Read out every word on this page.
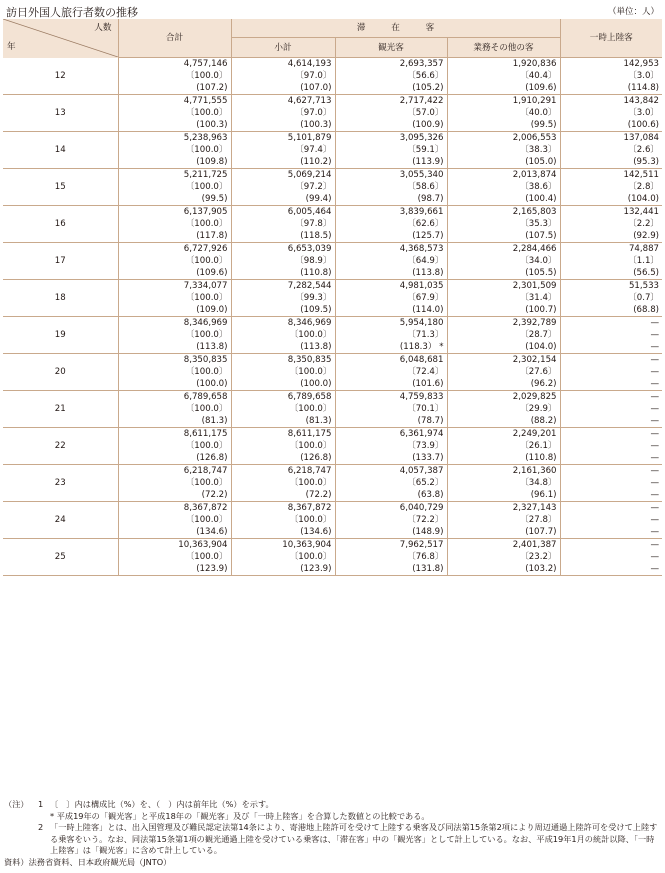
訪日外国人旅行者数の推移	（単位：人）
人数
年	合計	滞　　　在　　　客			一時上陸客
		小計	観光客	業務その他の客	
12	4,757,146	4,614,193	2,693,357	1,920,836	142,953
	〔100.0〕	〔97.0〕	〔56.6〕	〔40.4〕	〔3.0〕
	(107.2)	(107.0)	(105.2)	(109.6)	(114.8)
13	4,771,555	4,627,713	2,717,422	1,910,291	143,842
	〔100.0〕	〔97.0〕	〔57.0〕	〔40.0〕	〔3.0〕
	(100.3)	(100.3)	(100.9)	(99.5)	(100.6)
14	5,238,963	5,101,879	3,095,326	2,006,553	137,084
	〔100.0〕	〔97.4〕	〔59.1〕	〔38.3〕	〔2.6〕
	(109.8)	(110.2)	(113.9)	(105.0)	(95.3)
15	5,211,725	5,069,214	3,055,340	2,013,874	142,511
	〔100.0〕	〔97.2〕	〔58.6〕	〔38.6〕	〔2.8〕
	(99.5)	(99.4)	(98.7)	(100.4)	(104.0)
16	6,137,905	6,005,464	3,839,661	2,165,803	132,441
	〔100.0〕	〔97.8〕	〔62.6〕	〔35.3〕	〔2.2〕
	(117.8)	(118.5)	(125.7)	(107.5)	(92.9)
17	6,727,926	6,653,039	4,368,573	2,284,466	74,887
	〔100.0〕	〔98.9〕	〔64.9〕	〔34.0〕	〔1.1〕
	(109.6)	(110.8)	(113.8)	(105.5)	(56.5)
18	7,334,077	7,282,544	4,981,035	2,301,509	51,533
	〔100.0〕	〔99.3〕	〔67.9〕	〔31.4〕	〔0.7〕
	(109.0)	(109.5)	(114.0)	(100.7)	(68.8)
19	8,346,969	8,346,969	5,954,180	2,392,789	—
	〔100.0〕	〔100.0〕	〔71.3〕	〔28.7〕	—
	(113.8)	(113.8)	(118.3） *	(104.0)	—
20	8,350,835	8,350,835	6,048,681	2,302,154	—
	〔100.0〕	〔100.0〕	〔72.4〕	〔27.6〕	—
	(100.0)	(100.0)	(101.6)	(96.2)	—
21	6,789,658	6,789,658	4,759,833	2,029,825	—
	〔100.0〕	〔100.0〕	〔70.1〕	〔29.9〕	—
	(81.3)	(81.3)	(78.7)	(88.2)	—
22	8,611,175	8,611,175	6,361,974	2,249,201	—
	〔100.0〕	〔100.0〕	〔73.9〕	〔26.1〕	—
	(126.8)	(126.8)	(133.7)	(110.8)	—
23	6,218,747	6,218,747	4,057,387	2,161,360	—
	〔100.0〕	〔100.0〕	〔65.2〕	〔34.8〕	—
	(72.2)	(72.2)	(63.8)	(96.1)	—
24	8,367,872	8,367,872	6,040,729	2,327,143	—
	〔100.0〕	〔100.0〕	〔72.2〕	〔27.8〕	—
	(134.6)	(134.6)	(148.9)	(107.7)	—
25	10,363,904	10,363,904	7,962,517	2,401,387	—
	〔100.0〕	〔100.0〕	〔76.8〕	〔23.2〕	—
	(123.9)	(123.9)	(131.8)	(103.2)	—
（注）	1 〔　〕内は構成比（%）を、（　）内は前年比（%）を示す。
* 平成19年の「観光客」と平成18年の「観光客」及び「一時上陸客」を合算した数値との比較である。
2 「一時上陸客」とは、出入国管理及び難民認定法第14条により、寄港地上陸許可を受けて上陸する乗客及び同法第15条第2項により周辺通過上陸許可を受けて上陸する乗客をいう。なお、同法第15条第1項の観光通過上陸を受けている乗客は、「滞在客」中の「観光客」として計上している。なお、平成19年1月の統計以降、「一時上陸客」は「観光客」に含めて計上している。
資料）法務省資料、日本政府観光局（JNTO）
